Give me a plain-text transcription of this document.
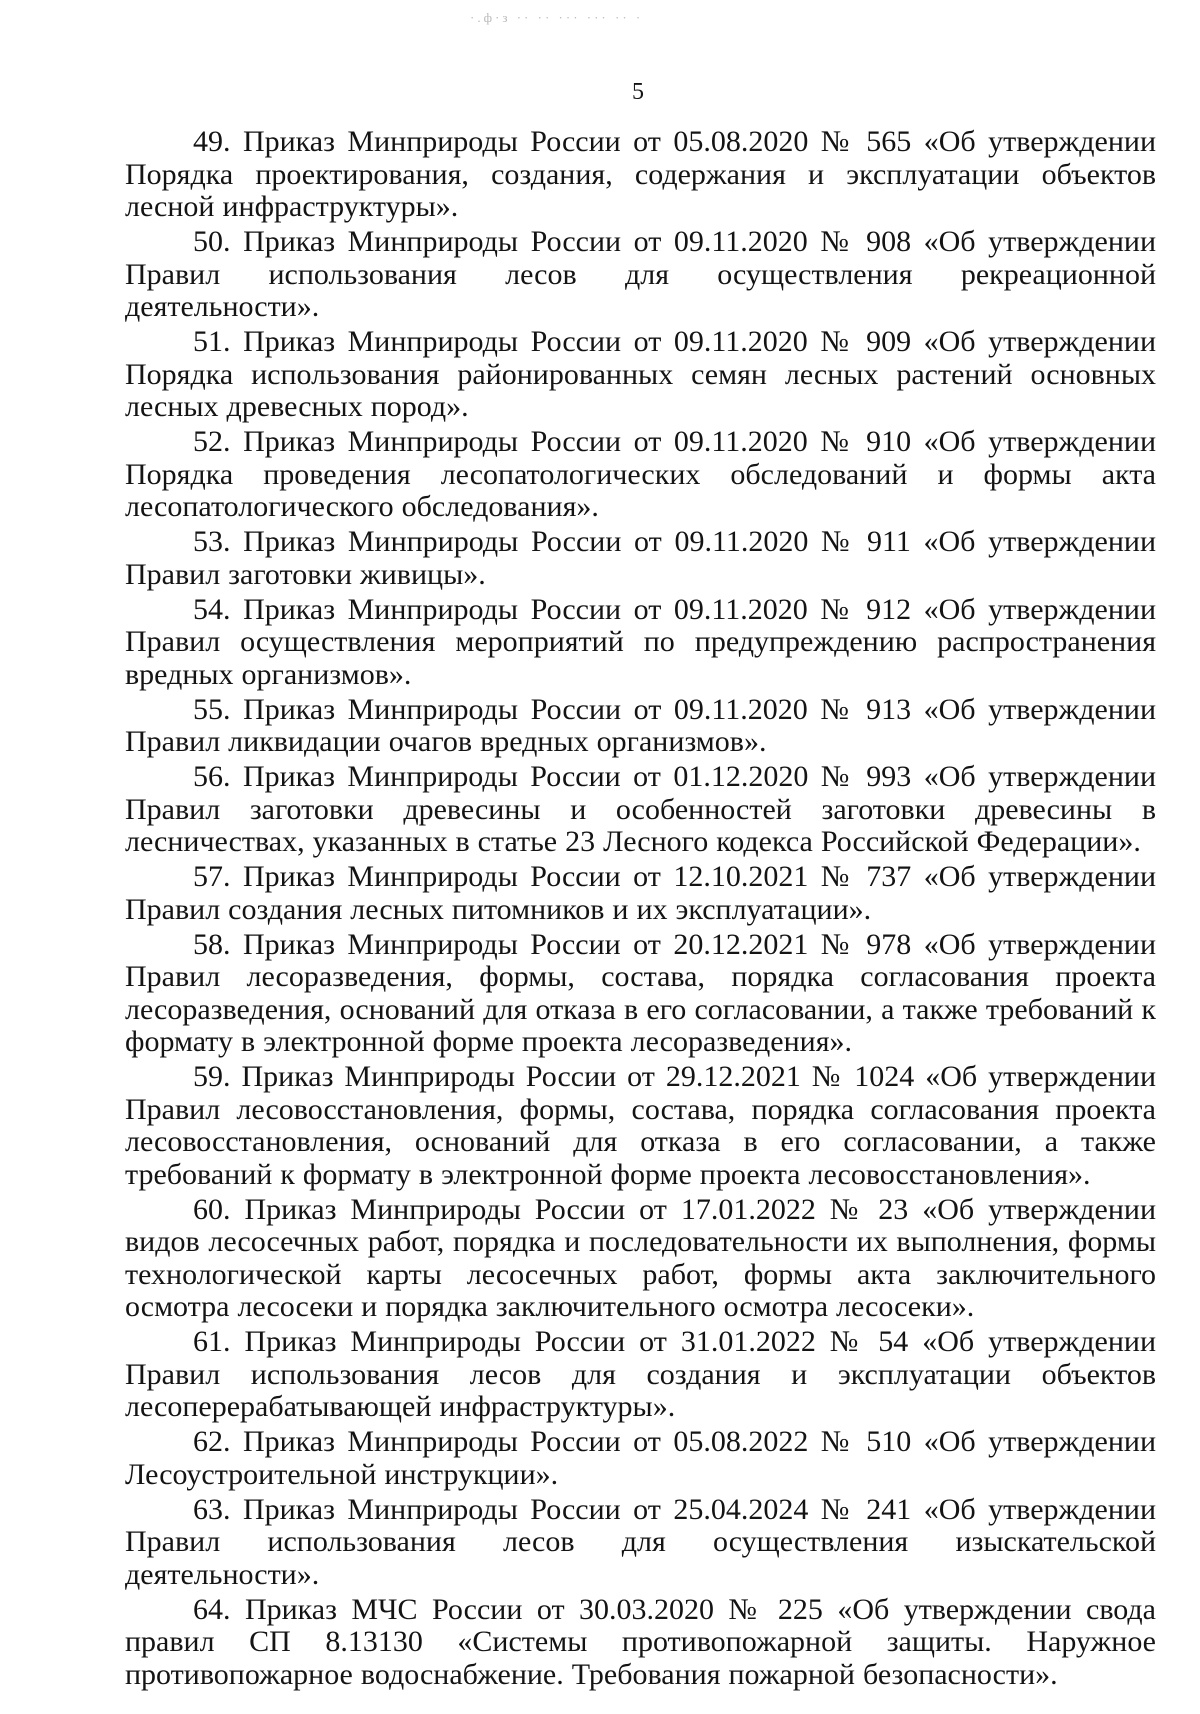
·.ф·з ·· ·· ··· ··· ·· ·
5

49. Приказ Минприроды России от 05.08.2020 № 565 «Об утверждении Порядка проектирования, создания, содержания и эксплуатации объектов лесной инфраструктуры».

50. Приказ Минприроды России от 09.11.2020 № 908 «Об утверждении Правил использования лесов для осуществления рекреационной деятельности».

51. Приказ Минприроды России от 09.11.2020 № 909 «Об утверждении Порядка использования районированных семян лесных растений основных лесных древесных пород».

52. Приказ Минприроды России от 09.11.2020 № 910 «Об утверждении Порядка проведения лесопатологических обследований и формы акта лесопатологического обследования».

53. Приказ Минприроды России от 09.11.2020 № 911 «Об утверждении Правил заготовки живицы».

54. Приказ Минприроды России от 09.11.2020 № 912 «Об утверждении Правил осуществления мероприятий по предупреждению распространения вредных организмов».

55. Приказ Минприроды России от 09.11.2020 № 913 «Об утверждении Правил ликвидации очагов вредных организмов».

56. Приказ Минприроды России от 01.12.2020 № 993 «Об утверждении Правил заготовки древесины и особенностей заготовки древесины в лесничествах, указанных в статье 23 Лесного кодекса Российской Федерации».

57. Приказ Минприроды России от 12.10.2021 № 737 «Об утверждении Правил создания лесных питомников и их эксплуатации».

58. Приказ Минприроды России от 20.12.2021 № 978 «Об утверждении Правил лесоразведения, формы, состава, порядка согласования проекта лесоразведения, оснований для отказа в его согласовании, а также требований к формату в электронной форме проекта лесоразведения».

59. Приказ Минприроды России от 29.12.2021 № 1024 «Об утверждении Правил лесовосстановления, формы, состава, порядка согласования проекта лесовосстановления, оснований для отказа в его согласовании, а также требований к формату в электронной форме проекта лесовосстановления».

60. Приказ Минприроды России от 17.01.2022 № 23 «Об утверждении видов лесосечных работ, порядка и последовательности их выполнения, формы технологической карты лесосечных работ, формы акта заключительного осмотра лесосеки и порядка заключительного осмотра лесосеки».

61. Приказ Минприроды России от 31.01.2022 № 54 «Об утверждении Правил использования лесов для создания и эксплуатации объектов лесоперерабатывающей инфраструктуры».

62. Приказ Минприроды России от 05.08.2022 № 510 «Об утверждении Лесоустроительной инструкции».

63. Приказ Минприроды России от 25.04.2024 № 241 «Об утверждении Правил использования лесов для осуществления изыскательской деятельности».

64. Приказ МЧС России от 30.03.2020 № 225 «Об утверждении свода правил СП 8.13130 «Системы противопожарной защиты. Наружное противопожарное водоснабжение. Требования пожарной безопасности».
